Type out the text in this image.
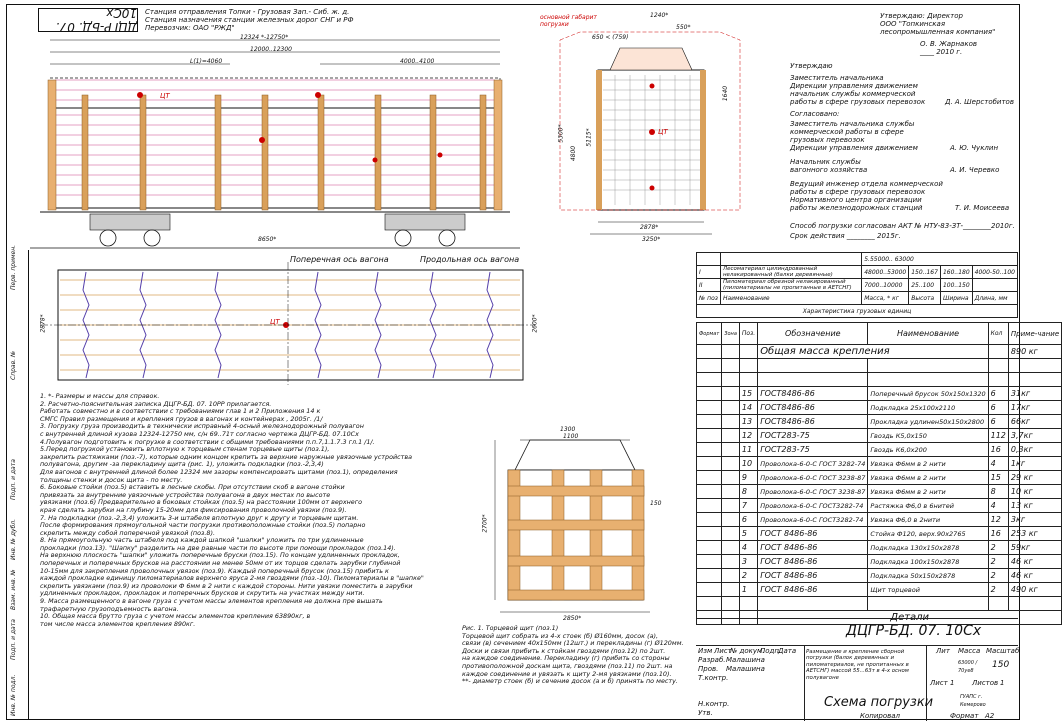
ДЦГР-БД. 07. 10Сх Станция отправления Топки - Грузовая Зап.- Сиб. ж. д.
Станция назначения станции железных дорог СНГ и РФ
Перевозчик: ОАО "РЖД"
12324 *-12750*
12000..12300
L(1)=4060	4000..4100
8650*
основной габарит погрузки
1240*
550*
650 < (759)
2878*
3250*
1640
5300*
4800
5115*
2878*	2600*
1300
1100
2850*
2700*
150
Поперечная ось вагона	Продольная ось вагона
ЦТ
ЦТ
ЦТ
Перв. примен.
Справ. №
Подп. и дата
Инв. № дубл.
Взам. инв. №
Подп. и дата
Инв. № подл.
1. *- Размеры и массы для справок.
2. Расчетно-пояснительная записка ДЦГР-БД. 07. 10РР прилагается.
Работать совместно и в соответствии с требованиями глав 1 и 2 Приложения 14 к
СМГС Правил размещения и крепления грузов в вагонах и контейнерах , 2005г. /1/
3. Погрузку груза производить в технически исправный 4-осный железнодорожный полувагон
с внутренней длиной кузова 12324-12750 мм, с/н 69..71т согласно чертежа ДЦГР-БД. 07.10Сх
4.Полувагон подготовить к погрузке в соответствии с общими требованиями п.п.7,1.1.7.3 гл.1 /1/.
5.Перед погрузкой установить вплотную к торцевым стенам торцевые щиты (поз.1),
закрепить растяжками (поз.-7), которые одним концом крепить за верхние наружные увязочные устройства
полувагона, другим -за перекладину щита (рис. 1), уложить подкладки (поз.-2,3,4)
Для вагонов с внутренней длиной более 12324 мм зазоры компенсировать щитами (поз.1), определения
толщины стенки и досок щита - по месту.
6. Боковые стойки (поз.5) вставить в лесные скобы. При отсутствии скоб в вагоне стойки
привязать за внутренние увязочные устройства полувагона в двух местах по высоте
увязками (поз.6) Предварительно в боковых стойках (поз.5) на расстоянии 100мм от верхнего
края сделать зарубки на глубину 15-20мм для фиксирования проволочной увязки (поз.9).
7. На подкладки (поз.-2,3,4) уложить 3-и штабеля вплотную друг к другу и торцевым щитам.
После формирования прямоугольной части погрузки противоположные стойки (поз.5) попарно
скрепить между собой поперечной увязкой (поз.8).
8. На прямоугольную часть штабеля под каждой шапкой "шапки" уложить по три удлиненные
прокладки (поз.13). "Шапку" разделить на две равные части по высоте при помощи прокладок (поз.14).
На верхнюю плоскость "шапки" уложить поперечные бруски (поз.15). По концам удлиненных прокладок,
поперечных и поперечных брусков на расстоянии не менее 50мм от их торцов сделать зарубки глубиной
10-15мм для закрепления проволочных увязок (поз.9). Каждый поперечный брусок (поз.15) прибить к
каждой прокладке единицу пиломатериалов верхнего яруса 2-мя гвоздями (поз.-10). Пиломатериалы в "шапке"
скрепить увязками (поз.9) из проволоки Ф 6мм в 2 нити с каждой стороны. Нити увязки поместить в зарубки
удлиненных прокладок, прокладок и поперечных брусков и скрутить на участках между нити.
9. Масса размещенного в вагоне груза с учетом массы элементов крепления не должна пре вышать
трафаретную грузоподъемность вагона.
10. Общая масса брутто груза с учетом массы элементов крепления 63890кг, в
том числе масса элементов крепления 890кг.
Рис. 1. Торцевой щит (поз.1)
Торцевой щит собрать из 4-х стоек (б) Ø160мм, досок (а),
связи (в) сечением 40х150мм (12шт.) и перекладины (г) Ø120мм.
Доски и связи прибить к стойкам гвоздями (поз.12) по 2шт.
на каждое соединение. Перекладину (г) прибить со стороны
противоположной доскам щита, гвоздями (поз.11) по 2шт. на
каждое соединение и увязать к щиту 2-мя увязками (поз.10).
**- диаметр стоек (б) и сечение досок (а и б) принять по месту.
Утверждаю: Директор
ООО "Топкинская лесопромышленная компания"
О. В. Жарнаков
____ 2010 г.
Утверждаю
Заместитель начальника
Дирекции управления движением
начальник службы коммерческой
работы в сфере грузовых перевозок	Д. А. Шерстобитов
Согласовано:
Заместитель начальника службы
коммерческой работы в сфере
грузовых перевозок
Дирекции управления движением	А. Ю. Чуклин
Начальник службы
вагонного хозяйства	А. И. Черевко
Ведущий инженер отдела коммерческой
работы в сфере грузовых перевозок
Нормативного центра организации
работы железнодорожных станций	Т. И. Моисеева
Способ погрузки согласован АКТ № НТУ-83-ЗТ-________2010г.
Срок действия ________ 2015г.
		5.55000.. 63000			
I	Лесоматериал цилиндрованный нелакированный (балки деревянные)	48000..53000	150..167	160..180	4000-50..100
II	Пиломатериал обрезной нелакированный (пиломатериалы не пропитанные в АЕТСНГ)	7000..10000	25..100	100..150	
№ поз	Наименование	Масса, * кг	Высота	Ширина	Длина, мм
Характеристика грузовых единиц					
Формат	Зона	Поз.	Обозначение	Наименование	Кол	Приме-чание
			Общая масса крепления			890 кг

		15	ГОСТ8486-86	Поперечный брусок 50х150х1320	6	31кг
		14	ГОСТ8486-86	Подкладка 25х100х2110	6	17кг
		13	ГОСТ8486-86	Прокладка удлинен50х150х2800	6	66кг
		12	ГОСТ283-75	Гвоздь К5,0х150	112	3,7кг
		11	ГОСТ283-75	Гвоздь К6,0х200	16	0,3кг
		10	Проволока-6-0-С ГОСТ 3282-74	Увязка Ф6мм в 2 нити	4	1кг
		9	Проволока-6-0-С ГОСТ 3238-87	Увязка Ф6мм в 2 нити	15	29 кг
		8	Проволока-6-0-С ГОСТ 3238-87	Увязка Ф6мм в 2 нити	8	10 кг
		7	Проволока-6-0-С ГОСТ3282-74	Растяжка Ф6,0 в 6нитей	4	13 кг
		6	Проволока-6-0-С ГОСТ3282-74	Увязка Ф6,0 в 2нити	12	3кг
		5	ГОСТ 8486-86	Стойка Ф120, верх.90х2765	16	253 кг
		4	ГОСТ 8486-86	Подкладка 130х150х2878	2	59кг
		3	ГОСТ 8486-86	Подкладка 100х150х2878	2	46 кг
		2	ГОСТ 8486-86	Подкладка 50х150х2878	2	46 кг
		1	ГОСТ 8486-86	Щит торцевой	2	490 кг

			Детали			
ДЦГР-БД. 07. 10Сх
Изм Лист
№ докум.
Подп.
Дата
Разраб. Малашина
Пров. Малашина
Т.контр.
Н.контр.
Утв.
Размещение и крепление сборной погрузки (балок деревянных и пиломатериалов, не пропитанных в АЕТСНГ) массой 55...63т в 4-х осном полувагоне
Лит Масса Масштаб
63000 / 70уе8
150
Лист 1	Листов 1
Схема погрузки	ГУАПС г. Кемерово
Копировал	Формат А2
